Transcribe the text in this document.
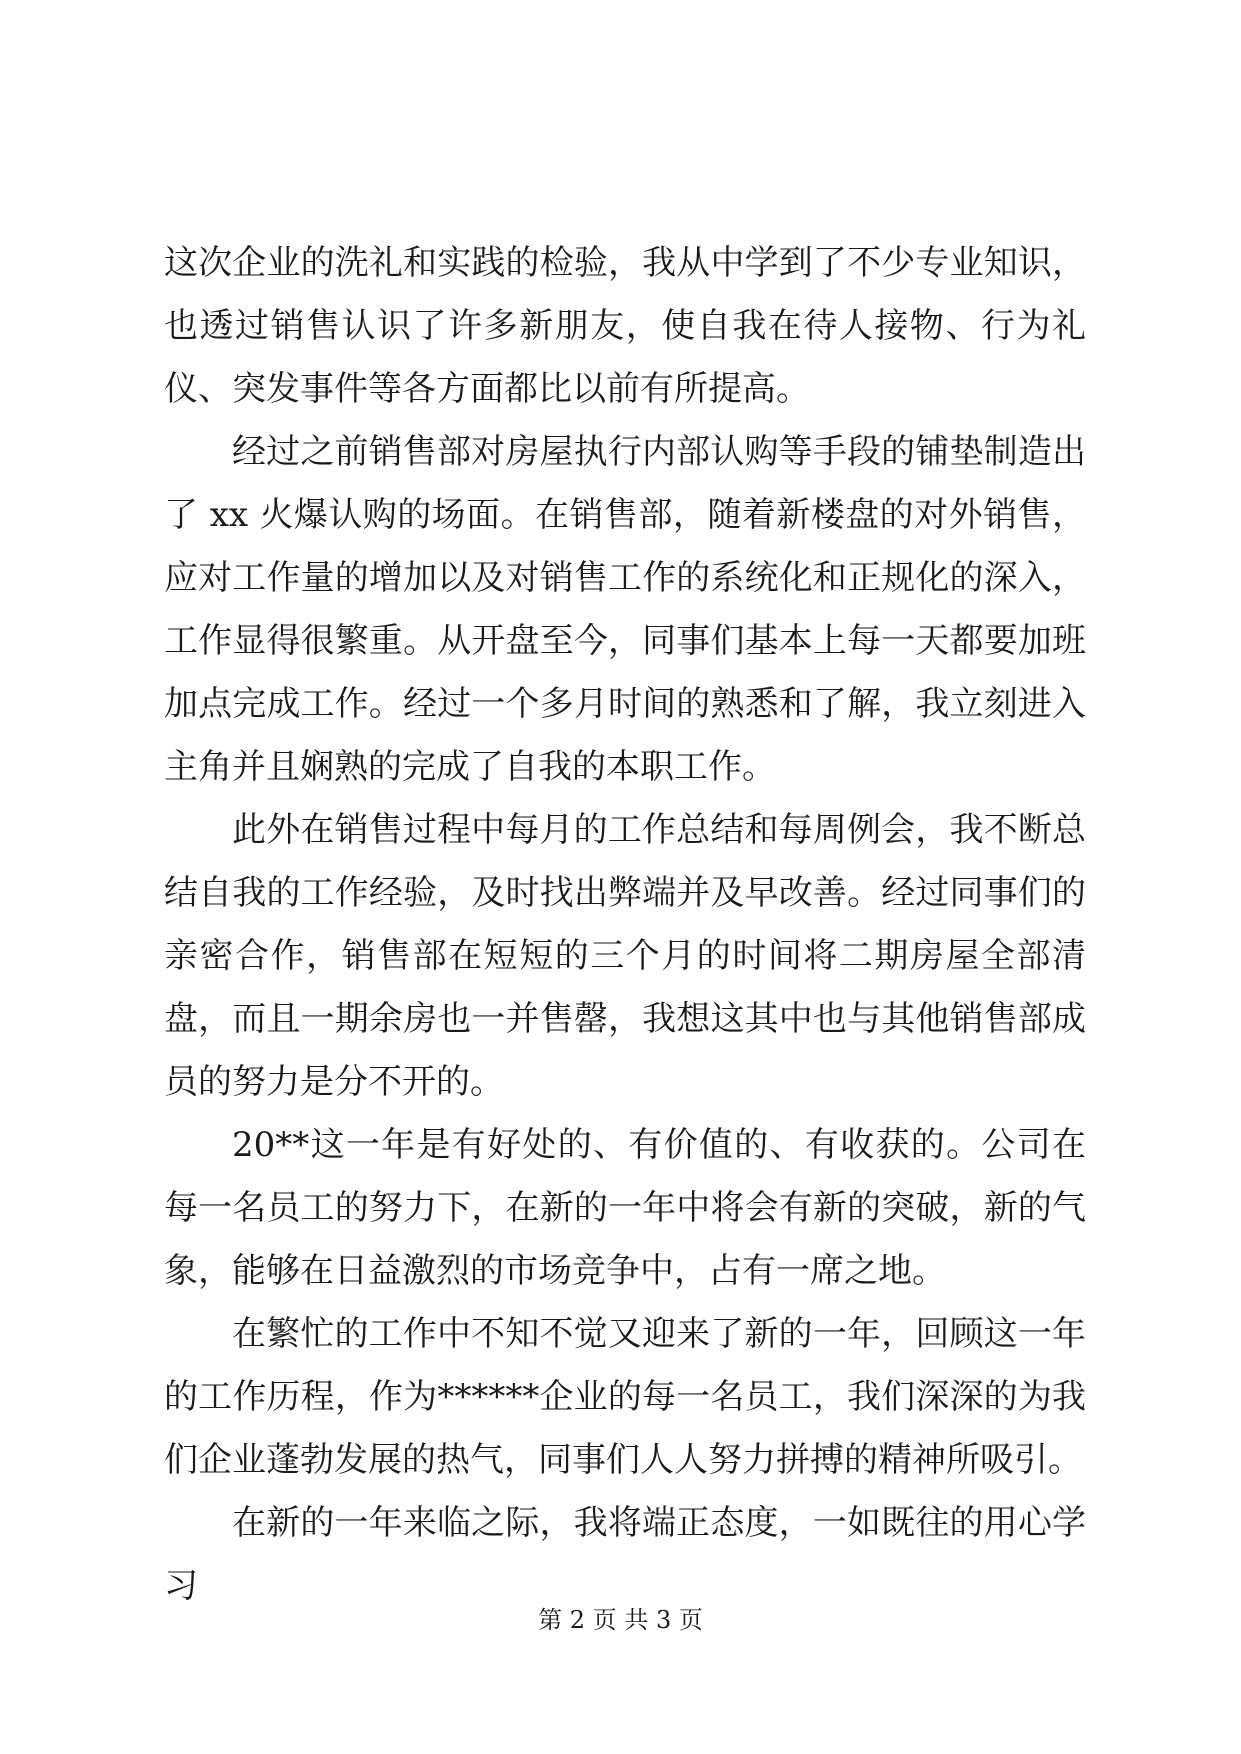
这次企业的洗礼和实践的检验，我从中学到了不少专业知识，也透过销售认识了许多新朋友，使自我在待人接物、行为礼仪、突发事件等各方面都比以前有所提高。

经过之前销售部对房屋执行内部认购等手段的铺垫制造出了 xx 火爆认购的场面。在销售部，随着新楼盘的对外销售，应对工作量的增加以及对销售工作的系统化和正规化的深入，工作显得很繁重。从开盘至今，同事们基本上每一天都要加班加点完成工作。经过一个多月时间的熟悉和了解，我立刻进入主角并且娴熟的完成了自我的本职工作。

此外在销售过程中每月的工作总结和每周例会，我不断总结自我的工作经验，及时找出弊端并及早改善。经过同事们的亲密合作，销售部在短短的三个月的时间将二期房屋全部清盘，而且一期余房也一并售罄，我想这其中也与其他销售部成员的努力是分不开的。

20**这一年是有好处的、有价值的、有收获的。公司在每一名员工的努力下，在新的一年中将会有新的突破，新的气象，能够在日益激烈的市场竞争中，占有一席之地。

在繁忙的工作中不知不觉又迎来了新的一年，回顾这一年的工作历程，作为******企业的每一名员工，我们深深的为我们企业蓬勃发展的热气，同事们人人努力拼搏的精神所吸引。

在新的一年来临之际，我将端正态度，一如既往的用心学习

第 2 页 共 3 页
